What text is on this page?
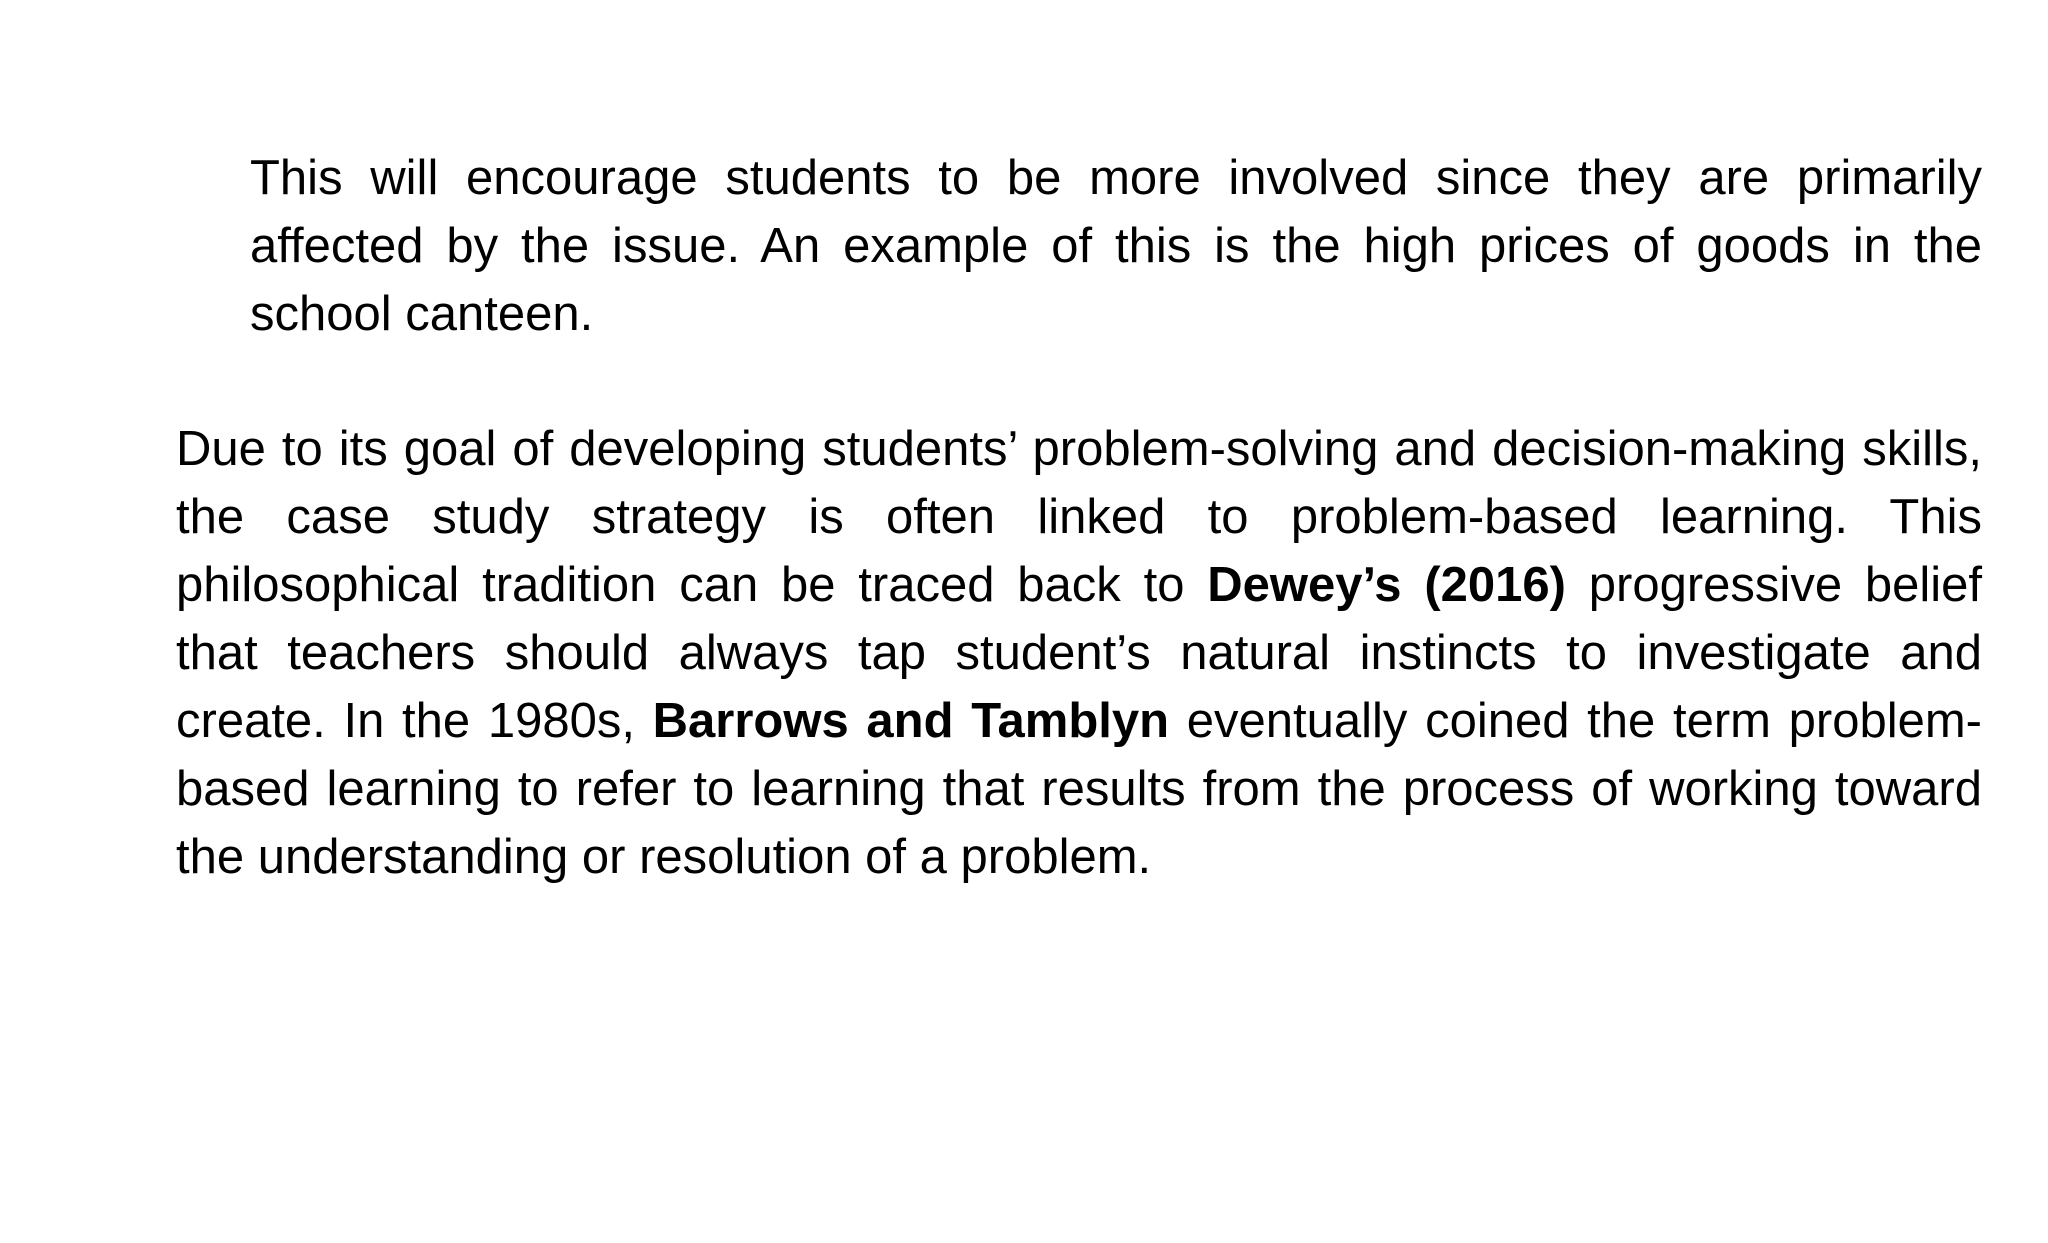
This will encourage students to be more involved since they are primarily affected by the issue. An example of this is the high prices of goods in the school canteen.

Due to its goal of developing students’ problem-solving and decision-making skills, the case study strategy is often linked to problem-based learning. This philosophical tradition can be traced back to Dewey’s (2016) progressive belief that teachers should always tap student’s natural instincts to investigate and create. In the 1980s, Barrows and Tamblyn eventually coined the term problem-based learning to refer to learning that results from the process of working toward the understanding or resolution of a problem.
